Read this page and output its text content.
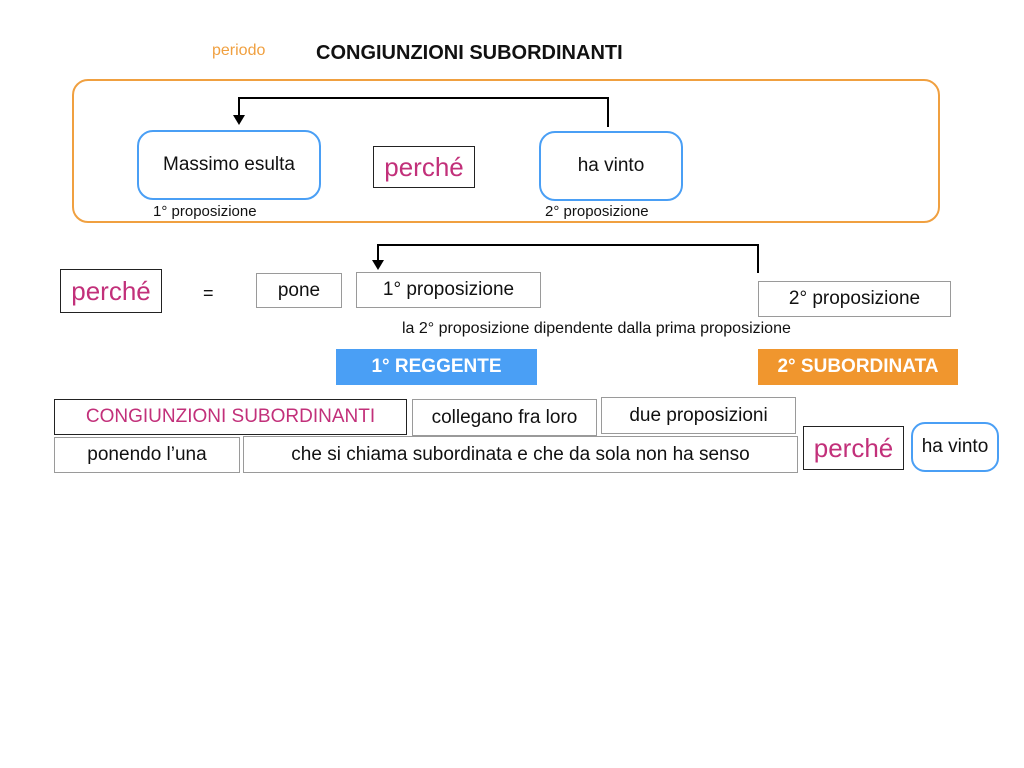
periodo	CONGIUNZIONI SUBORDINANTI
Massimo esulta	perché	ha vinto
1° proposizione	2° proposizione
perché	=	pone	1° proposizione	2° proposizione
la 2° proposizione dipendente dalla prima proposizione
1° REGGENTE	2° SUBORDINATA
CONGIUNZIONI SUBORDINANTI	collegano fra loro	due proposizioni
ponendo l’una	che si chiama subordinata e che da sola non ha senso	perché	ha vinto
